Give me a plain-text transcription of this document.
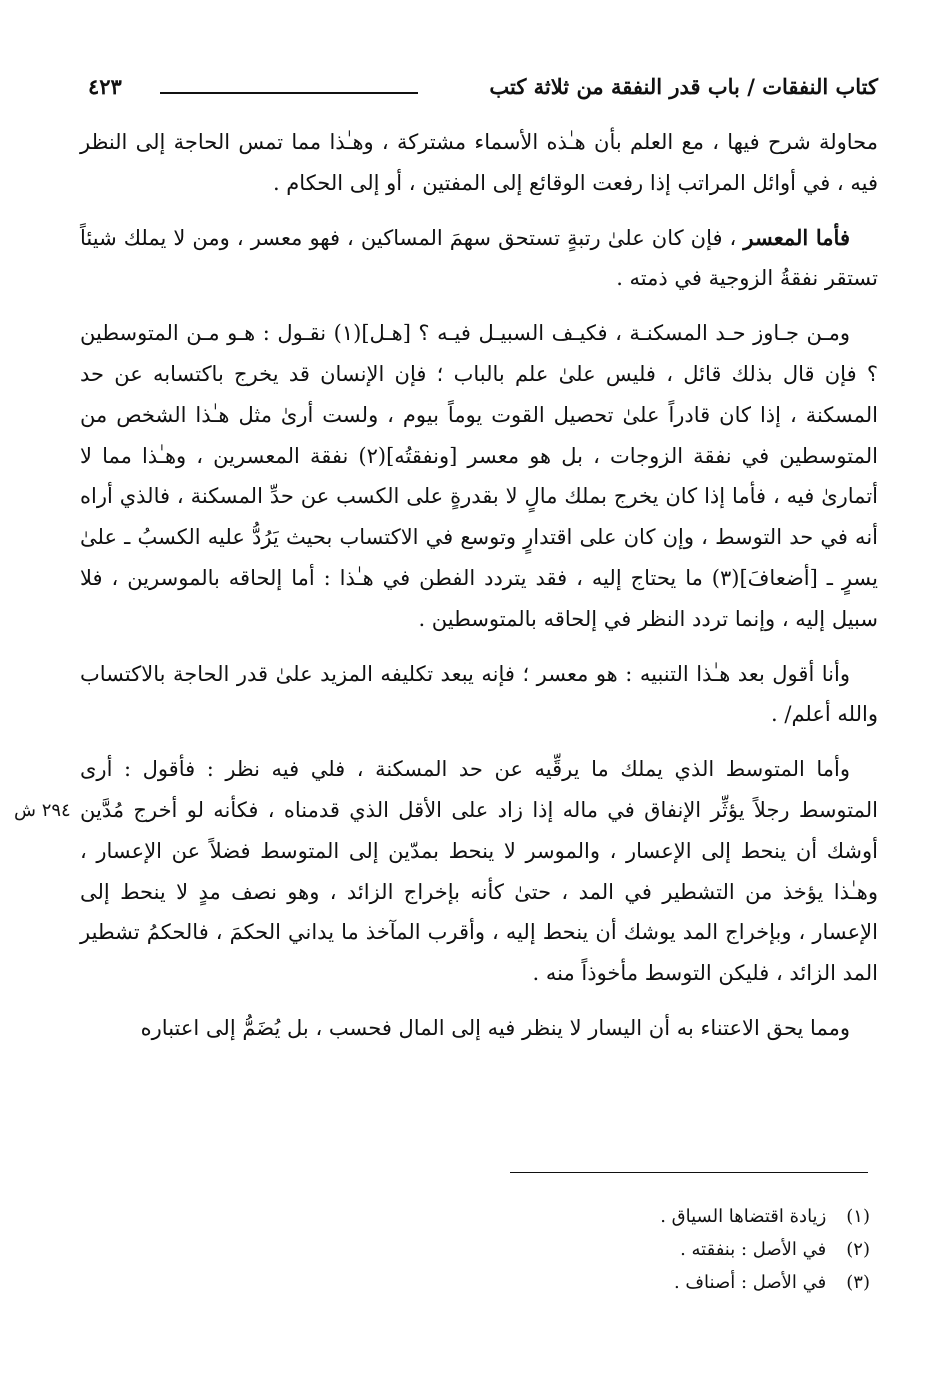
كتاب النفقات / باب قدر النفقة من ثلاثة كتب
٤٢٣

محاولة شرح فيها ، مع العلم بأن هـٰذه الأسماء مشتركة ، وهـٰذا مما تمس الحاجة إلى النظر فيه ، في أوائل المراتب إذا رفعت الوقائع إلى المفتين ، أو إلى الحكام .

فأما المعسر ، فإن كان علىٰ رتبةٍ تستحق سهمَ المساكين ، فهو معسر ، ومن لا يملك شيئاً تستقر نفقةُ الزوجية في ذمته .

ومـن جـاوز حـد المسكنـة ، فكيـف السبيـل فيـه ؟ [هـل](١) نقـول : هـو مـن المتوسطين ؟ فإن قال بذلك قائل ، فليس علىٰ علم بالباب ؛ فإن الإنسان قد يخرج باكتسابه عن حد المسكنة ، إذا كان قادراً علىٰ تحصيل القوت يوماً بيوم ، ولست أرىٰ مثل هـٰذا الشخص من المتوسطين في نفقة الزوجات ، بل هو معسر [ونفقتُه](٢) نفقة المعسرين ، وهـٰذا مما لا أتمارىٰ فيه ، فأما إذا كان يخرج بملك مالٍ لا بقدرةٍ على الكسب عن حدِّ المسكنة ، فالذي أراه أنه في حد التوسط ، وإن كان على اقتدارٍ وتوسع في الاكتساب بحيث يَرُدُّ عليه الكسبُ ـ علىٰ يسرٍ ـ [أضعافَ](٣) ما يحتاج إليه ، فقد يتردد الفطن في هـٰذا : أما إلحاقه بالموسرين ، فلا سبيل إليه ، وإنما تردد النظر في إلحاقه بالمتوسطين .

وأنا أقول بعد هـٰذا التنبيه : هو معسر ؛ فإنه يبعد تكليفه المزيد علىٰ قدر الحاجة بالاكتساب والله أعلم/ .

وأما المتوسط الذي يملك ما يرقِّيه عن حد المسكنة ، فلي فيه نظر : فأقول : أرى المتوسط رجلاً يؤثِّر الإنفاق في ماله إذا زاد على الأقل الذي قدمناه ، فكأنه لو أخرج مُدَّين أوشك أن ينحط إلى الإعسار ، والموسر لا ينحط بمدّين إلى المتوسط فضلاً عن الإعسار ، وهـٰذا يؤخذ من التشطير في المد ، حتىٰ كأنه بإخراج الزائد ، وهو نصف مدٍ لا ينحط إلى الإعسار ، وبإخراج المد يوشك أن ينحط إليه ، وأقرب المآخذ ما يداني الحكمَ ، فالحكمُ تشطير المد الزائد ، فليكن التوسط مأخوذاً منه .

ومما يحق الاعتناء به أن اليسار لا ينظر فيه إلى المال فحسب ، بل يُضَمُّ إلى اعتباره

٢٩٤ ش
(١) زيادة اقتضاها السياق .
(٢) في الأصل : بنفقته .
(٣) في الأصل : أصناف .
